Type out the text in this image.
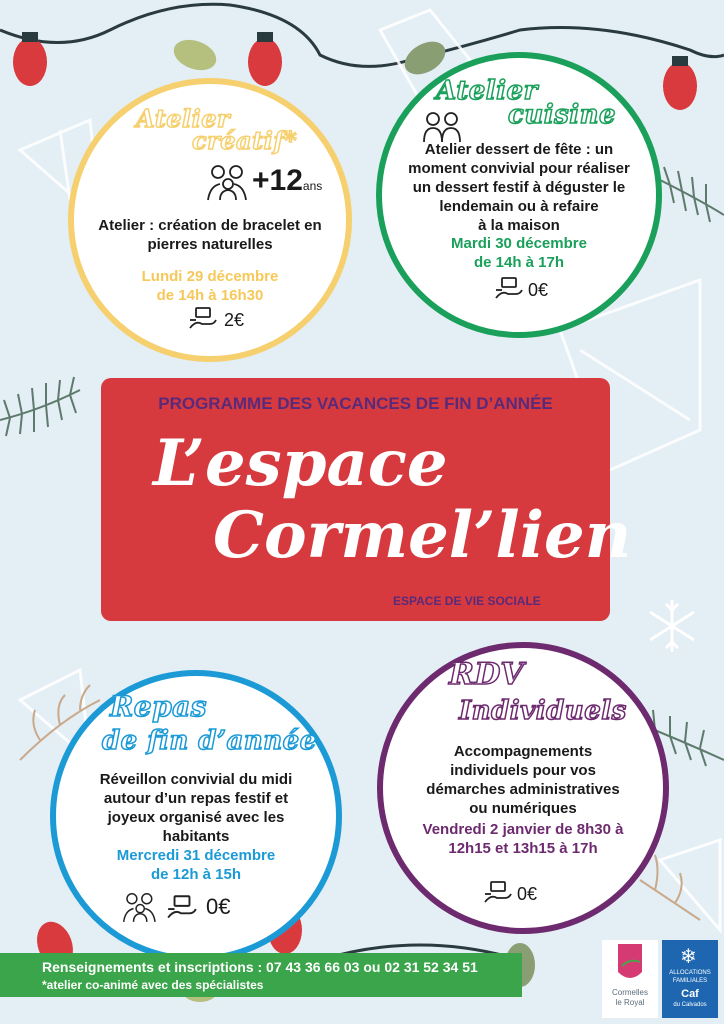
Atelier
créatif*
+12ans
Atelier : création de bracelet en
pierres naturelles
Lundi 29 décembre
de 14h à 16h30
2€
Atelier
cuisine
Atelier dessert de fête : un
moment convivial pour réaliser
un dessert festif à déguster le
lendemain ou à refaire
à la maison
Mardi 30 décembre
de 14h à 17h
0€
PROGRAMME DES VACANCES DE FIN D’ANNÉE
L’espace
Cormel’lien
ESPACE DE VIE SOCIALE
Repas
de fin d’année
Réveillon convivial du midi
autour d’un repas festif et
joyeux organisé avec les
habitants
Mercredi 31 décembre
de 12h à 15h
0€
RDV
Individuels
Accompagnements
individuels pour vos
démarches administratives
ou numériques
Vendredi 2 janvier de 8h30 à
12h15 et 13h15 à 17h
0€
Renseignements et inscriptions : 07 43 36 66 03 ou 02 31 52 34 51
*atelier co-animé avec des spécialistes
Cormelles
le Royal
❄
ALLOCATIONS
FAMILIALES
Caf
du Calvados
